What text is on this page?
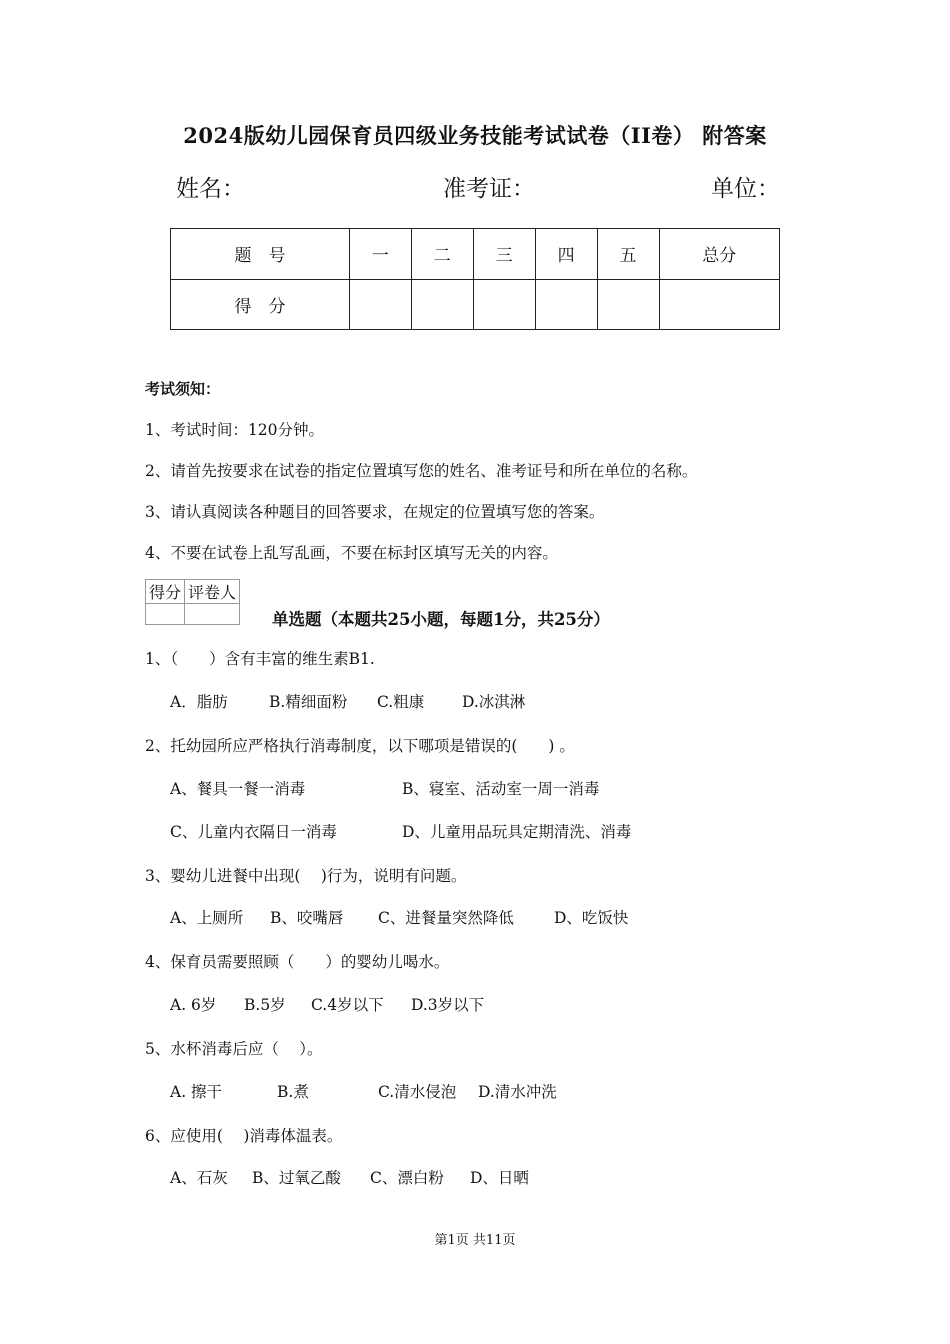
2024版幼儿园保育员四级业务技能考试试卷（II卷） 附答案
姓名：	准考证：	单位：
题　号	一	二	三	四	五	总分
得　分						
考试须知：
1、考试时间：120分钟。
2、请首先按要求在试卷的指定位置填写您的姓名、准考证号和所在单位的名称。
3、请认真阅读各种题目的回答要求，在规定的位置填写您的答案。
4、不要在试卷上乱写乱画，不要在标封区填写无关的内容。
得分	评卷人

单选题（本题共25小题，每题1分，共25分）
1、（　　）含有丰富的维生素B1.
A．脂肪	B.精细面粉 C.粗康 D.冰淇淋
2、托幼园所应严格执行消毒制度，以下哪项是错误的(　　) 。
A、餐具一餐一消毒	B、寝室、活动室一周一消毒
C、儿童内衣隔日一消毒	D、儿童用品玩具定期清洗、消毒
3、婴幼儿进餐中出现(　 )行为，说明有问题。
A、上厕所 B、咬嘴唇 C、进餐量突然降低	D、吃饭快
4、保育员需要照顾（　　）的婴幼儿喝水。
A. 6岁 B.5岁 C.4岁以下 D.3岁以下
5、水杯消毒后应（　 ）。
A. 擦干	B.煮	C.清水侵泡 D.清水冲洗
6、应使用(　 )消毒体温表。
A、石灰 B、过氧乙酸 C、漂白粉 D、日晒
第1页 共11页
